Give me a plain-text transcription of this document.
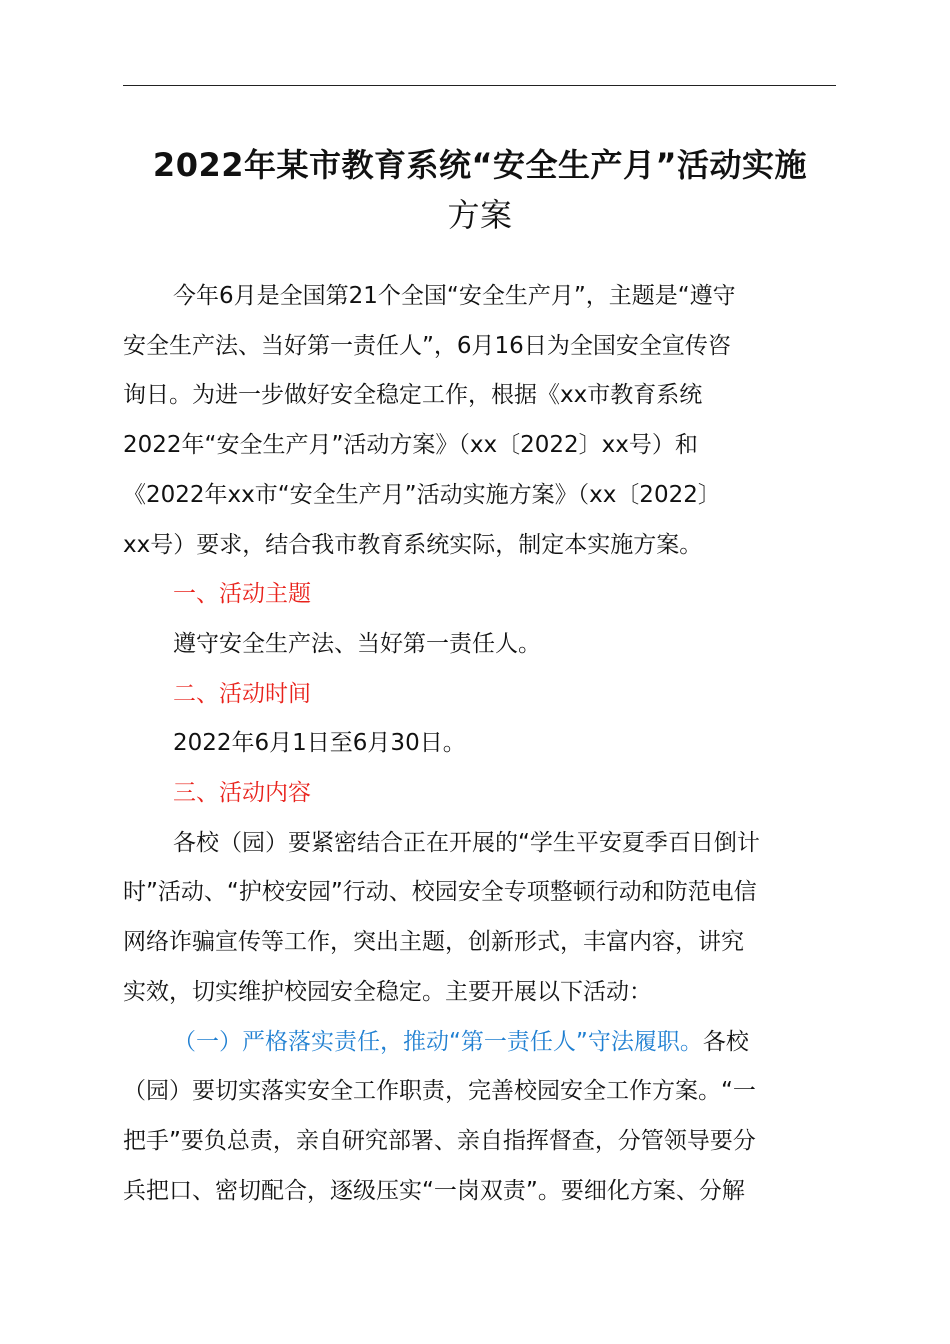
2022年某市教育系统“安全生产月”活动实施
方案

今年6月是全国第21个全国“安全生产月”，主题是“遵守
安全生产法、当好第一责任人”，6月16日为全国安全宣传咨
询日。为进一步做好安全稳定工作，根据《xx市教育系统
2022年“安全生产月”活动方案》（xx〔2022〕xx号）和
《2022年xx市“安全生产月”活动实施方案》（xx〔2022〕
xx号）要求，结合我市教育系统实际，制定本实施方案。

一、活动主题

遵守安全生产法、当好第一责任人。

二、活动时间

2022年6月1日至6月30日。

三、活动内容

各校（园）要紧密结合正在开展的“学生平安夏季百日倒计
时”活动、“护校安园”行动、校园安全专项整顿行动和防范电信
网络诈骗宣传等工作，突出主题，创新形式，丰富内容，讲究
实效，切实维护校园安全稳定。主要开展以下活动：

（一）严格落实责任，推动“第一责任人”守法履职。各校
（园）要切实落实安全工作职责，完善校园安全工作方案。“一
把手”要负总责，亲自研究部署、亲自指挥督查，分管领导要分
兵把口、密切配合，逐级压实“一岗双责”。要细化方案、分解
